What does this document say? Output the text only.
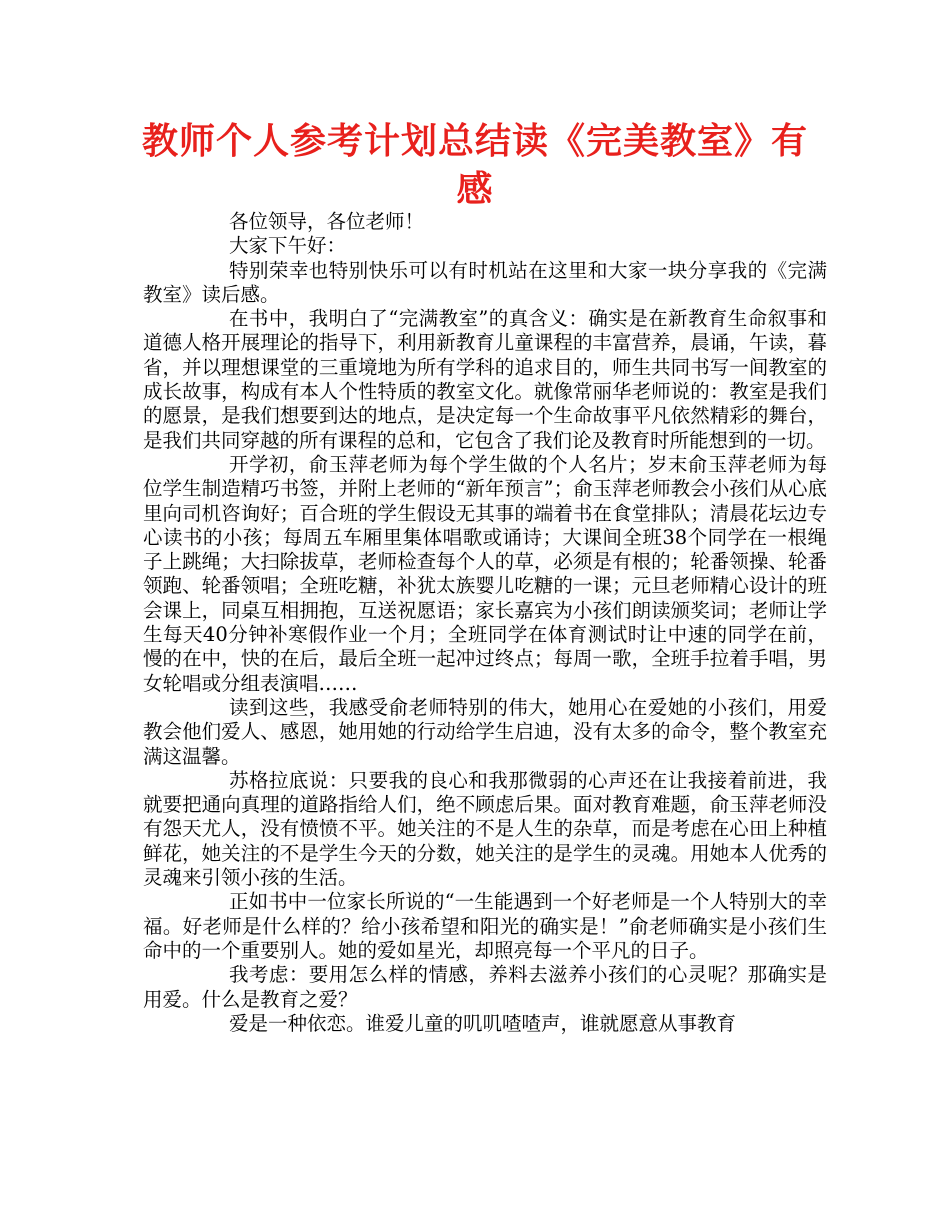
教师个人参考计划总结读《完美教室》有感

各位领导，各位老师！

大家下午好：

特别荣幸也特别快乐可以有时机站在这里和大家一块分享我的《完满教室》读后感。

在书中，我明白了“完满教室”的真含义：确实是在新教育生命叙事和道德人格开展理论的指导下，利用新教育儿童课程的丰富营养，晨诵，午读，暮省，并以理想课堂的三重境地为所有学科的追求目的，师生共同书写一间教室的成长故事，构成有本人个性特质的教室文化。就像常丽华老师说的：教室是我们的愿景，是我们想要到达的地点，是决定每一个生命故事平凡依然精彩的舞台，是我们共同穿越的所有课程的总和，它包含了我们论及教育时所能想到的一切。

开学初，俞玉萍老师为每个学生做的个人名片；岁末俞玉萍老师为每位学生制造精巧书签，并附上老师的“新年预言”；俞玉萍老师教会小孩们从心底里向司机咨询好；百合班的学生假设无其事的端着书在食堂排队；清晨花坛边专心读书的小孩；每周五车厢里集体唱歌或诵诗；大课间全班38个同学在一根绳子上跳绳；大扫除拔草，老师检查每个人的草，必须是有根的；轮番领操、轮番领跑、轮番领唱；全班吃糖，补犹太族婴儿吃糖的一课；元旦老师精心设计的班会课上，同桌互相拥抱，互送祝愿语；家长嘉宾为小孩们朗读颁奖词；老师让学生每天40分钟补寒假作业一个月；全班同学在体育测试时让中速的同学在前，慢的在中，快的在后，最后全班一起冲过终点；每周一歌，全班手拉着手唱，男女轮唱或分组表演唱……

读到这些，我感受俞老师特别的伟大，她用心在爱她的小孩们，用爱教会他们爱人、感恩，她用她的行动给学生启迪，没有太多的命令，整个教室充满这温馨。

苏格拉底说：只要我的良心和我那微弱的心声还在让我接着前进，我就要把通向真理的道路指给人们，绝不顾虑后果。面对教育难题，俞玉萍老师没有怨天尤人，没有愤愤不平。她关注的不是人生的杂草，而是考虑在心田上种植鲜花，她关注的不是学生今天的分数，她关注的是学生的灵魂。用她本人优秀的灵魂来引领小孩的生活。

正如书中一位家长所说的“一生能遇到一个好老师是一个人特别大的幸福。好老师是什么样的？给小孩希望和阳光的确实是！”俞老师确实是小孩们生命中的一个重要别人。她的爱如星光，却照亮每一个平凡的日子。

我考虑：要用怎么样的情感，养料去滋养小孩们的心灵呢？那确实是用爱。什么是教育之爱？

爱是一种依恋。谁爱儿童的叽叽喳喳声，谁就愿意从事教育
